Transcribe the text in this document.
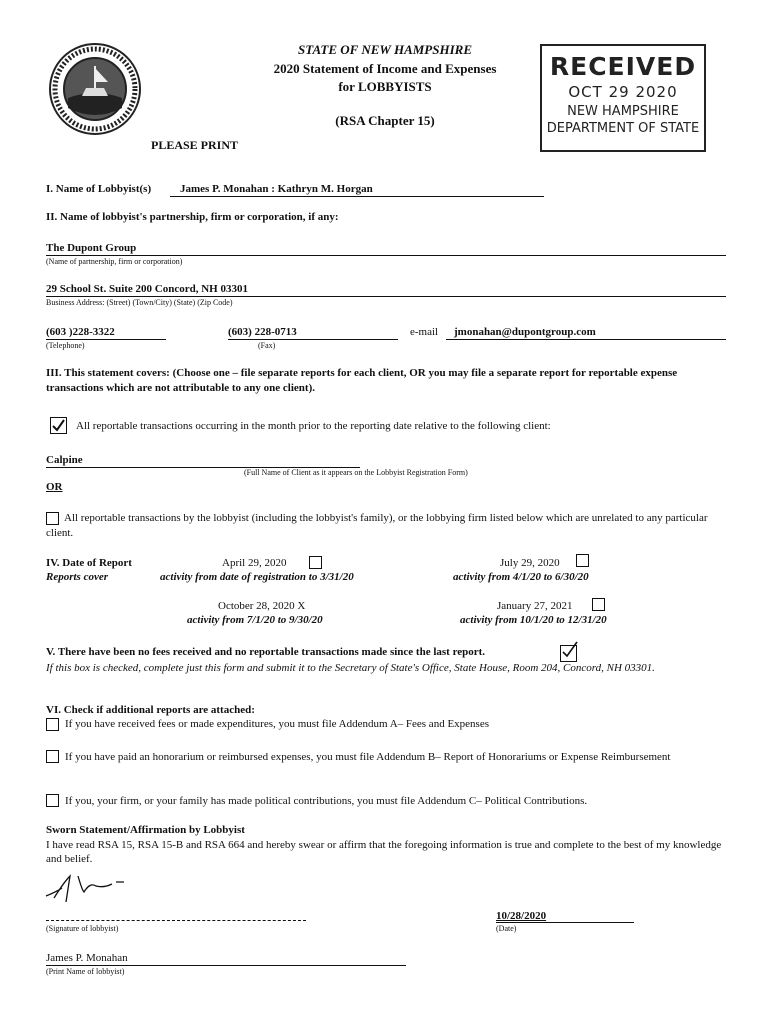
STATE OF NEW HAMPSHIRE
2020 Statement of Income and Expenses
for LOBBYISTS
(RSA Chapter 15)
PLEASE PRINT
RECEIVED
OCT 29 2020
NEW HAMPSHIRE
DEPARTMENT OF STATE
I. Name of Lobbyist(s)	James P. Monahan : Kathryn M. Horgan
II. Name of lobbyist's partnership, firm or corporation, if any:
The Dupont Group
(Name of partnership, firm or corporation)
29 School St. Suite 200 Concord, NH 03301
Business Address: (Street) (Town/City) (State) (Zip Code)
(603 )228-3322
(Telephone)
(603) 228-0713
(Fax)
e-mail jmonahan@dupontgroup.com
III. This statement covers: (Choose one – file separate reports for each client, OR you may file a separate report for reportable expense transactions which are not attributable to any one client).
All reportable transactions occurring in the month prior to the reporting date relative to the following client:
Calpine
(Full Name of Client as it appears on the Lobbyist Registration Form)
OR
All reportable transactions by the lobbyist (including the lobbyist's family), or the lobbying firm listed below which are unrelated to any particular client.
IV. Date of Report
Reports cover
April 29, 2020
activity from date of registration to 3/31/20
July 29, 2020
activity from 4/1/20 to 6/30/20
October 28, 2020 X
activity from 7/1/20 to 9/30/20
January 27, 2021
activity from 10/1/20 to 12/31/20
V. There have been no fees received and no reportable transactions made since the last report.
If this box is checked, complete just this form and submit it to the Secretary of State's Office, State House, Room 204, Concord, NH 03301.
VI. Check if additional reports are attached:
If you have received fees or made expenditures, you must file Addendum A– Fees and Expenses
If you have paid an honorarium or reimbursed expenses, you must file Addendum B– Report of Honorariums or Expense Reimbursement
If you, your firm, or your family has made political contributions, you must file Addendum C– Political Contributions.
Sworn Statement/Affirmation by Lobbyist
I have read RSA 15, RSA 15-B and RSA 664 and hereby swear or affirm that the foregoing information is true and complete to the best of my knowledge and belief.
(Signature of lobbyist)
10/28/2020
(Date)
James P. Monahan
(Print Name of lobbyist)
